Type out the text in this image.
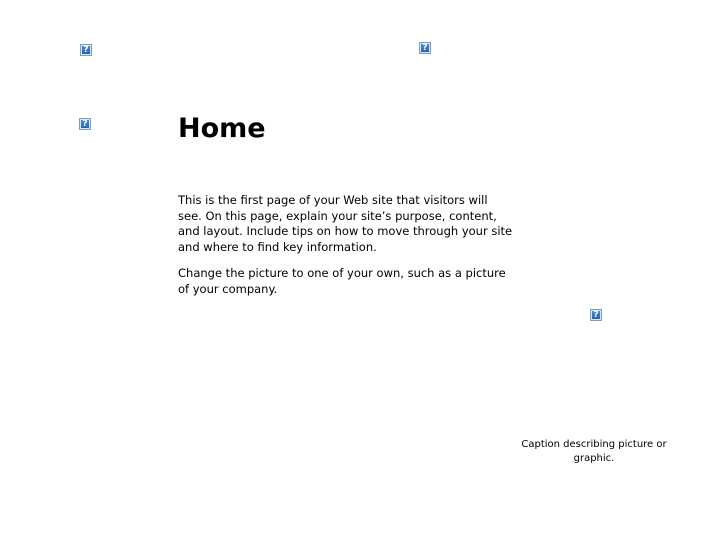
?	?
?	Home

This is the first page of your Web site that visitors will see. On this page, explain your site’s purpose, content, and layout. Include tips on how to move through your site and where to find key information.

Change the picture to one of your own, such as a picture of your company.

?

Caption describing picture or graphic.
